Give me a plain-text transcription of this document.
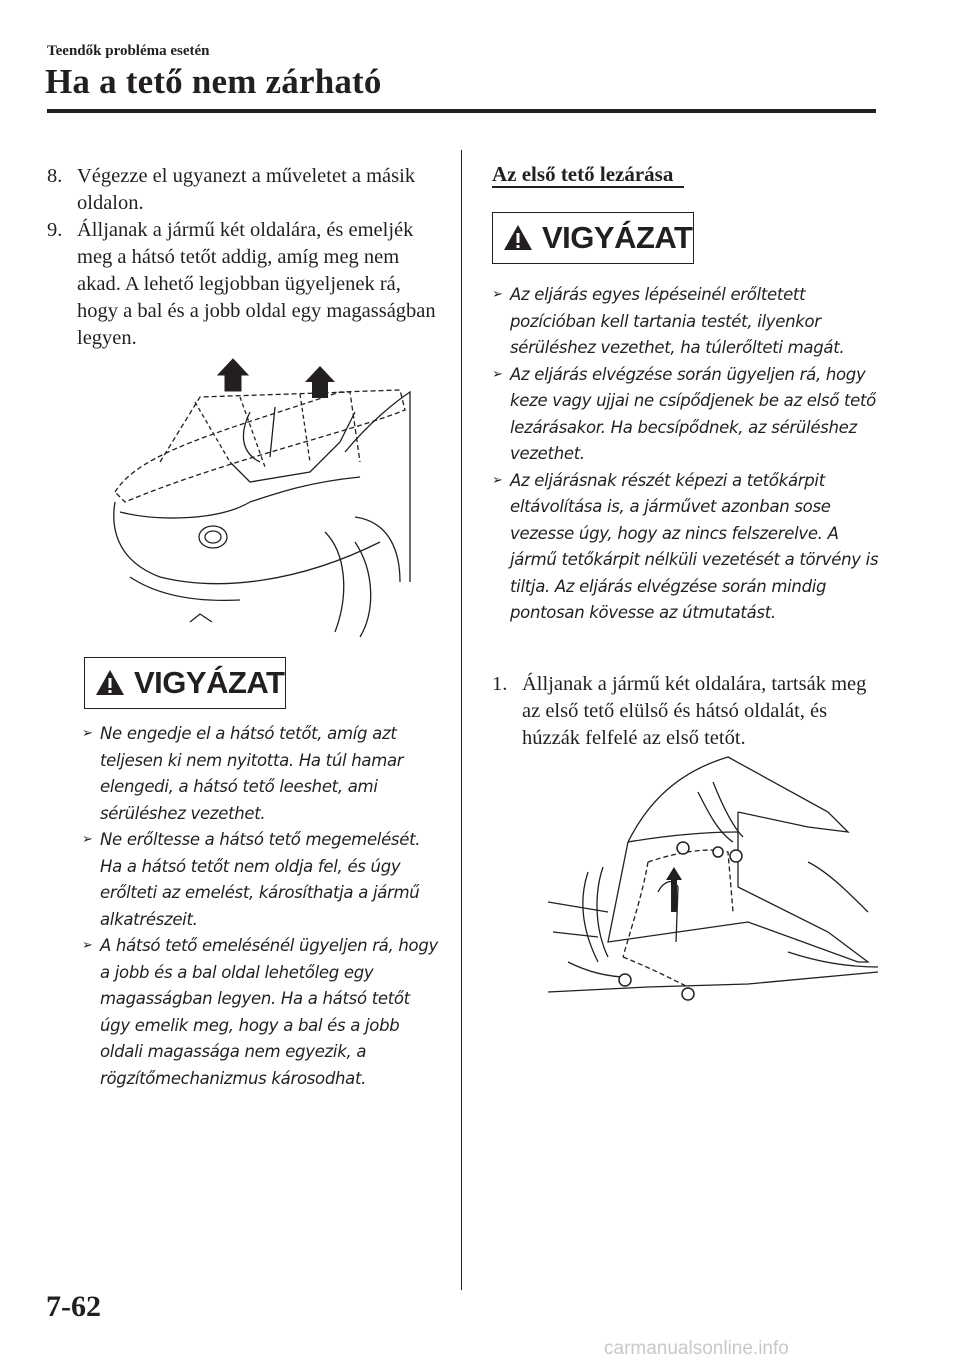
Teendők probléma esetén
Ha a tető nem zárható
8. Végezze el ugyanezt a műveletet a másik oldalon.
9. Álljanak a jármű két oldalára, és emeljék meg a hátsó tetőt addig, amíg meg nem akad. A lehető legjobban ügyeljenek rá, hogy a bal és a jobb oldal egy magasságban legyen.
VIGYÁZAT
➢ Ne engedje el a hátsó tetőt, amíg azt teljesen ki nem nyitotta. Ha túl hamar elengedi, a hátsó tető leeshet, ami sérüléshez vezethet.
➢ Ne erőltesse a hátsó tető megemelését. Ha a hátsó tetőt nem oldja fel, és úgy erőlteti az emelést, károsíthatja a jármű alkatrészeit.
➢ A hátsó tető emelésénél ügyeljen rá, hogy a jobb és a bal oldal lehetőleg egy magasságban legyen. Ha a hátsó tetőt úgy emelik meg, hogy a bal és a jobb oldali magassága nem egyezik, a rögzítőmechanizmus károsodhat.
Az első tető lezárása
VIGYÁZAT
➢ Az eljárás egyes lépéseinél erőltetett pozícióban kell tartania testét, ilyenkor sérüléshez vezethet, ha túlerőlteti magát.
➢ Az eljárás elvégzése során ügyeljen rá, hogy keze vagy ujjai ne csípődjenek be az első tető lezárásakor. Ha becsípődnek, az sérüléshez vezethet.
➢ Az eljárásnak részét képezi a tetőkárpit eltávolítása is, a járművet azonban sose vezesse úgy, hogy az nincs felszerelve. A jármű tetőkárpit nélküli vezetését a törvény is tiltja. Az eljárás elvégzése során mindig pontosan kövesse az útmutatást.
1. Álljanak a jármű két oldalára, tartsák meg az első tető elülső és hátsó oldalát, és húzzák felfelé az első tetőt.
7-62
carmanualsonline.info
